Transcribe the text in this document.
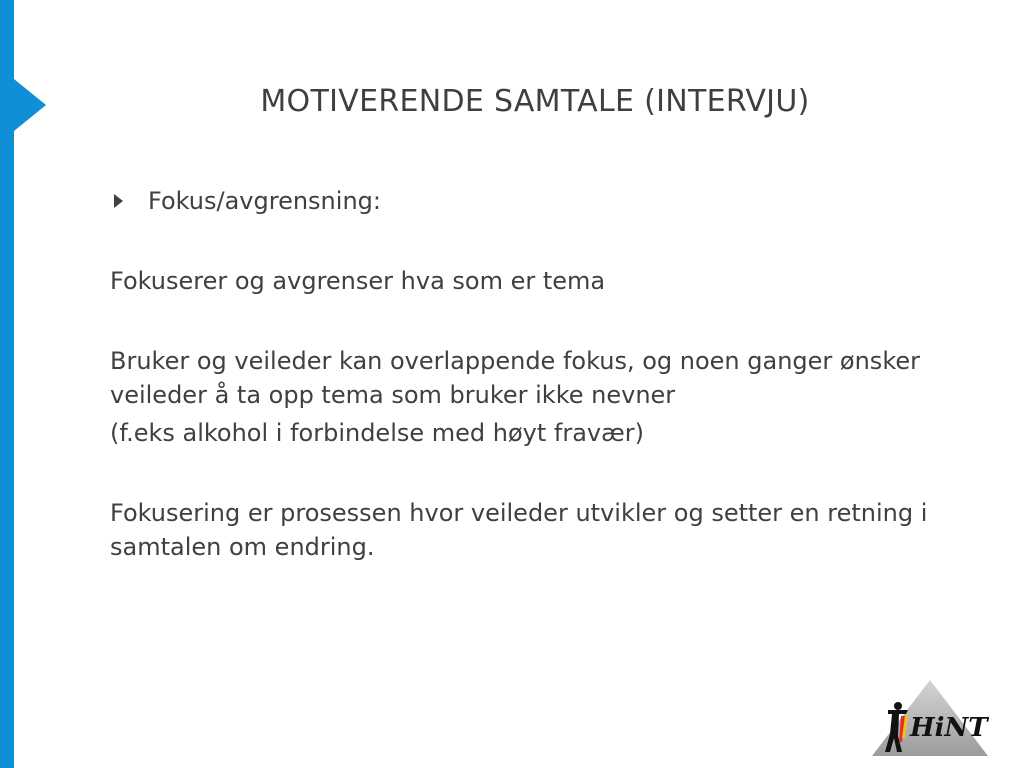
MOTIVERENDE SAMTALE (INTERVJU)
Fokus/avgrensning:

Fokuserer og avgrenser hva som er tema

Bruker og veileder kan overlappende fokus, og noen ganger ønsker veileder å ta opp tema som bruker ikke nevner

(f.eks alkohol i forbindelse med høyt fravær)

Fokusering er prosessen hvor veileder utvikler og setter en retning i samtalen om endring.

HiNT
